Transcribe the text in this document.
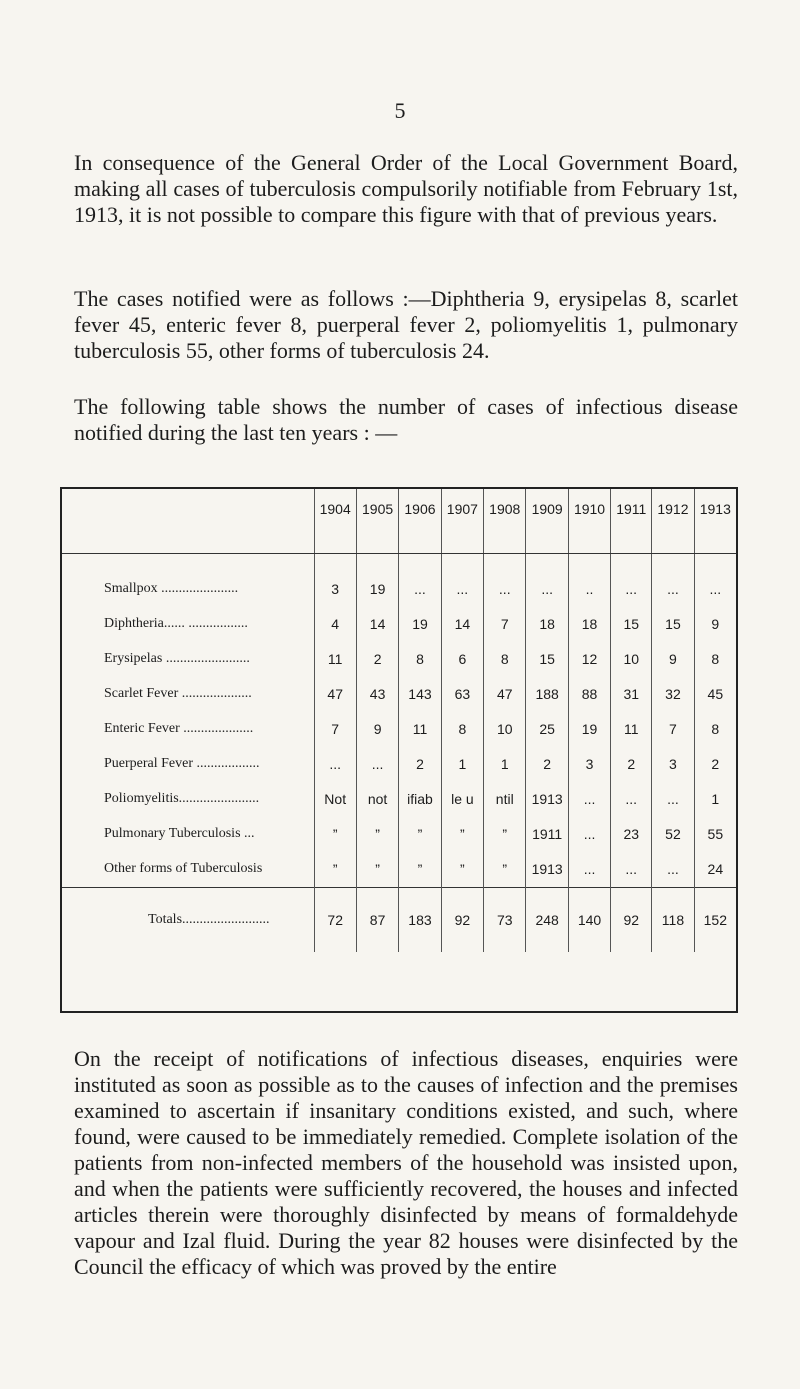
5

In consequence of the General Order of the Local Government Board, making all cases of tuberculosis compulsorily notifiable from February 1st, 1913, it is not possible to compare this figure with that of previous years.

The cases notified were as follows :—Diphtheria 9, erysipelas 8, scarlet fever 45, enteric fever 8, puerperal fever 2, poliomyelitis 1, pulmonary tuberculosis 55, other forms of tuberculosis 24.

The following table shows the number of cases of infectious disease notified during the last ten years : —

	1904	1905	1906	1907	1908	1909	1910	1911	1912	1913
Smallpox ......................	3	19	...	...	...	...	..	...	...	...
Diphtheria...... .................	4	14	19	14	7	18	18	15	15	9
Erysipelas ........................	11	2	8	6	8	15	12	10	9	8
Scarlet Fever ....................	47	43	143	63	47	188	88	31	32	45
Enteric Fever ....................	7	9	11	8	10	25	19	11	7	8
Puerperal Fever ..................	...	...	2	1	1	2	3	2	3	2
Poliomyelitis.......................	Not	not	ifiab	le u	ntil	1913	...	...	...	1
Pulmonary Tuberculosis ...	”	”	”	”	”	1911	...	23	52	55
Other forms of Tuberculosis	”	”	”	”	”	1913	...	...	...	24
Totals.........................	72	87	183	92	73	248	140	92	118	152

On the receipt of notifications of infectious diseases, enquiries were instituted as soon as possible as to the causes of infection and the premises examined to ascertain if insanitary conditions existed, and such, where found, were caused to be immediately remedied. Complete isolation of the patients from non-infected members of the household was insisted upon, and when the patients were sufficiently recovered, the houses and infected articles therein were thoroughly disinfected by means of formaldehyde vapour and Izal fluid. During the year 82 houses were disinfected by the Council the efficacy of which was proved by the entire
